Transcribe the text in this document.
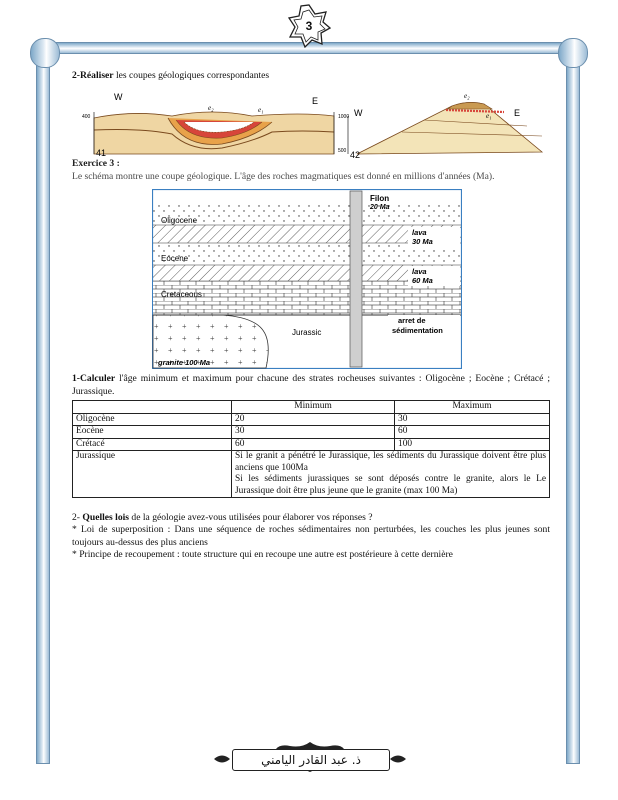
3
2-Réaliser les coupes géologiques correspondantes
W	E
400	1000
500
e₂	e₁
41
W	E
e₂
e₁
42
Exercice 3 :
Le schéma montre une coupe géologique. L'âge des roches magmatiques est donné en millions d'années (Ma).
Oligocene
Eocene
Cretaceous
Jurassic
Filon
20 Ma
lava
30 Ma
lava
60 Ma
arret de
sédimentation
granite 100 Ma
1-Calculer l'âge minimum et maximum pour chacune des strates rocheuses suivantes : Oligocène ; Eocène ; Crétacé ; Jurassique.
	Minimum	Maximum
Oligocène	20	30
Eocène	30	60
Crétacé	60	100
Jurassique	Si le granit a pénétré le Jurassique, les sédiments du Jurassique doivent être plus anciens que 100Ma
Si les sédiments jurassiques se sont déposés contre le granite, alors le Le Jurassique doit être plus jeune que le granite (max 100 Ma)	
2- Quelles lois de la géologie avez-vous utilisées pour élaborer vos réponses ?
* Loi de superposition : Dans une séquence de roches sédimentaires non perturbées, les couches les plus jeunes sont toujours au-dessus des plus anciens
* Principe de recoupement : toute structure qui en recoupe une autre est postérieure à cette dernière
ذ. عبد القادر اليامني
